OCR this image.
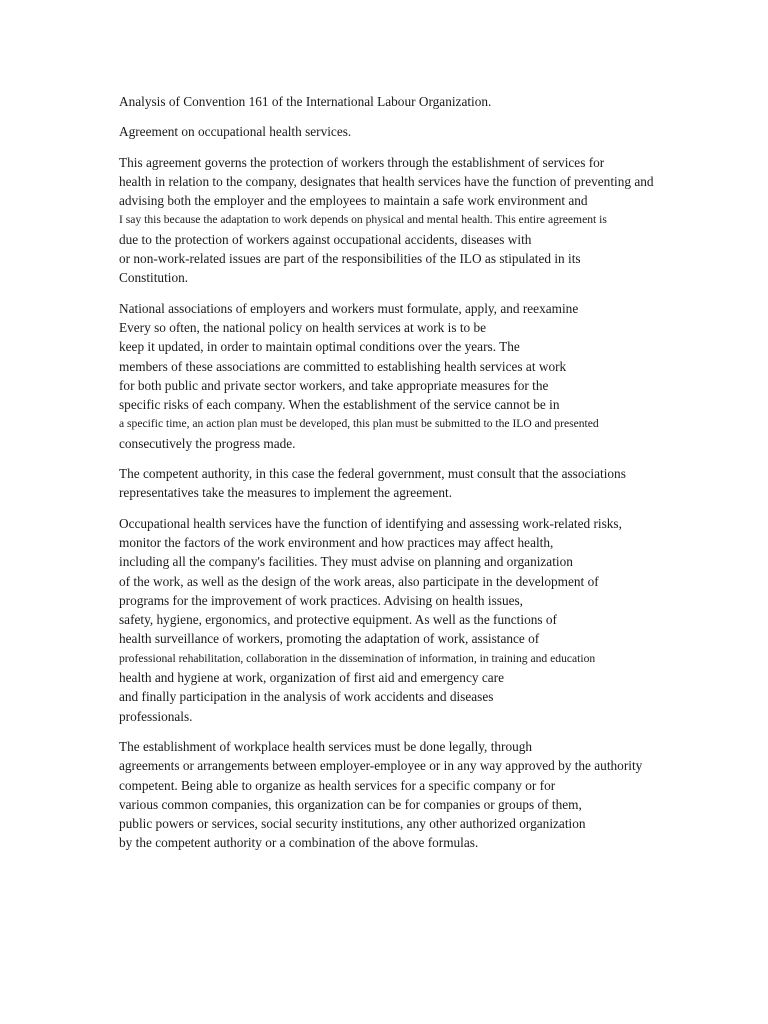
Analysis of Convention 161 of the International Labour Organization.

Agreement on occupational health services.

This agreement governs the protection of workers through the establishment of services for
health in relation to the company, designates that health services have the function of preventing and
advising both the employer and the employees to maintain a safe work environment and
I say this because the adaptation to work depends on physical and mental health. This entire agreement is
due to the protection of workers against occupational accidents, diseases with
or non-work-related issues are part of the responsibilities of the ILO as stipulated in its
Constitution.

National associations of employers and workers must formulate, apply, and reexamine
Every so often, the national policy on health services at work is to be
keep it updated, in order to maintain optimal conditions over the years. The
members of these associations are committed to establishing health services at work
for both public and private sector workers, and take appropriate measures for the
specific risks of each company. When the establishment of the service cannot be in
a specific time, an action plan must be developed, this plan must be submitted to the ILO and presented
consecutively the progress made.

The competent authority, in this case the federal government, must consult that the associations
representatives take the measures to implement the agreement.

Occupational health services have the function of identifying and assessing work-related risks,
monitor the factors of the work environment and how practices may affect health,
including all the company's facilities. They must advise on planning and organization
of the work, as well as the design of the work areas, also participate in the development of
programs for the improvement of work practices. Advising on health issues,
safety, hygiene, ergonomics, and protective equipment. As well as the functions of
health surveillance of workers, promoting the adaptation of work, assistance of
professional rehabilitation, collaboration in the dissemination of information, in training and education
health and hygiene at work, organization of first aid and emergency care
and finally participation in the analysis of work accidents and diseases
professionals.

The establishment of workplace health services must be done legally, through
agreements or arrangements between employer-employee or in any way approved by the authority
competent. Being able to organize as health services for a specific company or for
various common companies, this organization can be for companies or groups of them,
public powers or services, social security institutions, any other authorized organization
by the competent authority or a combination of the above formulas.
